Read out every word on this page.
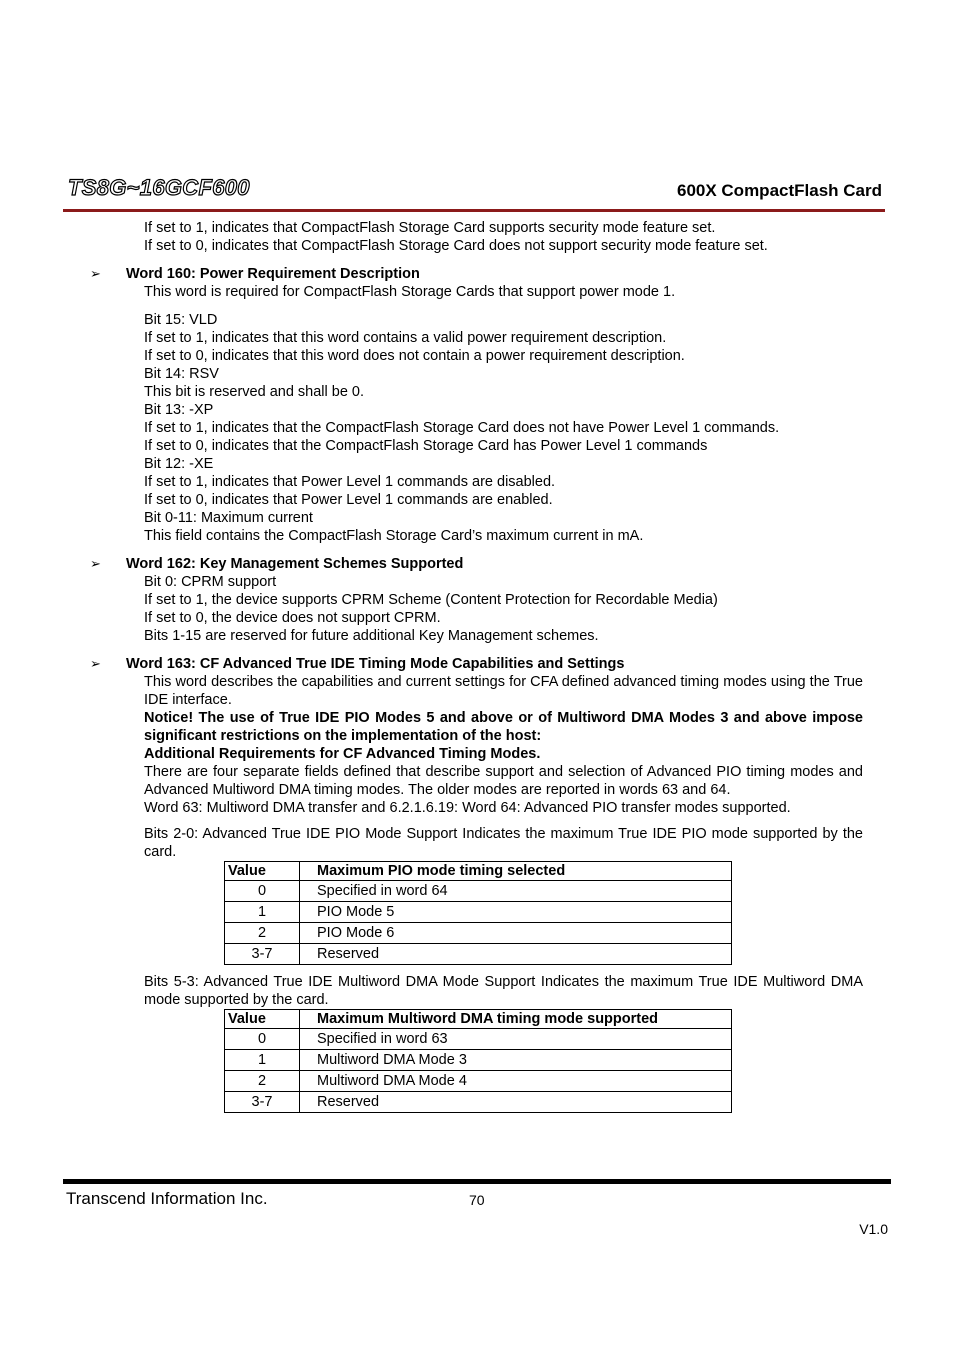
TS8G~16GCF600	600X CompactFlash Card
If set to 1, indicates that CompactFlash Storage Card supports security mode feature set.
If set to 0, indicates that CompactFlash Storage Card does not support security mode feature set.
➢	Word 160: Power Requirement Description
This word is required for CompactFlash Storage Cards that support power mode 1.
Bit 15: VLD
If set to 1, indicates that this word contains a valid power requirement description.
If set to 0, indicates that this word does not contain a power requirement description.
Bit 14: RSV
This bit is reserved and shall be 0.
Bit 13: -XP
If set to 1, indicates that the CompactFlash Storage Card does not have Power Level 1 commands.
If set to 0, indicates that the CompactFlash Storage Card has Power Level 1 commands
Bit 12: -XE
If set to 1, indicates that Power Level 1 commands are disabled.
If set to 0, indicates that Power Level 1 commands are enabled.
Bit 0-11: Maximum current
This field contains the CompactFlash Storage Card’s maximum current in mA.
➢	Word 162: Key Management Schemes Supported
Bit 0: CPRM support
If set to 1, the device supports CPRM Scheme (Content Protection for Recordable Media)
If set to 0, the device does not support CPRM.
Bits 1-15 are reserved for future additional Key Management schemes.
➢	Word 163: CF Advanced True IDE Timing Mode Capabilities and Settings
This word describes the capabilities and current settings for CFA defined advanced timing modes using the True IDE interface.
Notice! The use of True IDE PIO Modes 5 and above or of Multiword DMA Modes 3 and above impose significant restrictions on the implementation of the host:
Additional Requirements for CF Advanced Timing Modes.
There are four separate fields defined that describe support and selection of Advanced PIO timing modes and Advanced Multiword DMA timing modes. The older modes are reported in words 63 and 64.
Word 63: Multiword DMA transfer and 6.2.1.6.19: Word 64: Advanced PIO transfer modes supported.
Bits 2-0: Advanced True IDE PIO Mode Support Indicates the maximum True IDE PIO mode supported by the card.
Value	Maximum PIO mode timing selected
0	Specified in word 64
1	PIO Mode 5
2	PIO Mode 6
3-7	Reserved
Bits 5-3: Advanced True IDE Multiword DMA Mode Support Indicates the maximum True IDE Multiword DMA mode supported by the card.
Value	Maximum Multiword DMA timing mode supported
0	Specified in word 63
1	Multiword DMA Mode 3
2	Multiword DMA Mode 4
3-7	Reserved
Transcend Information Inc.	70
V1.0
